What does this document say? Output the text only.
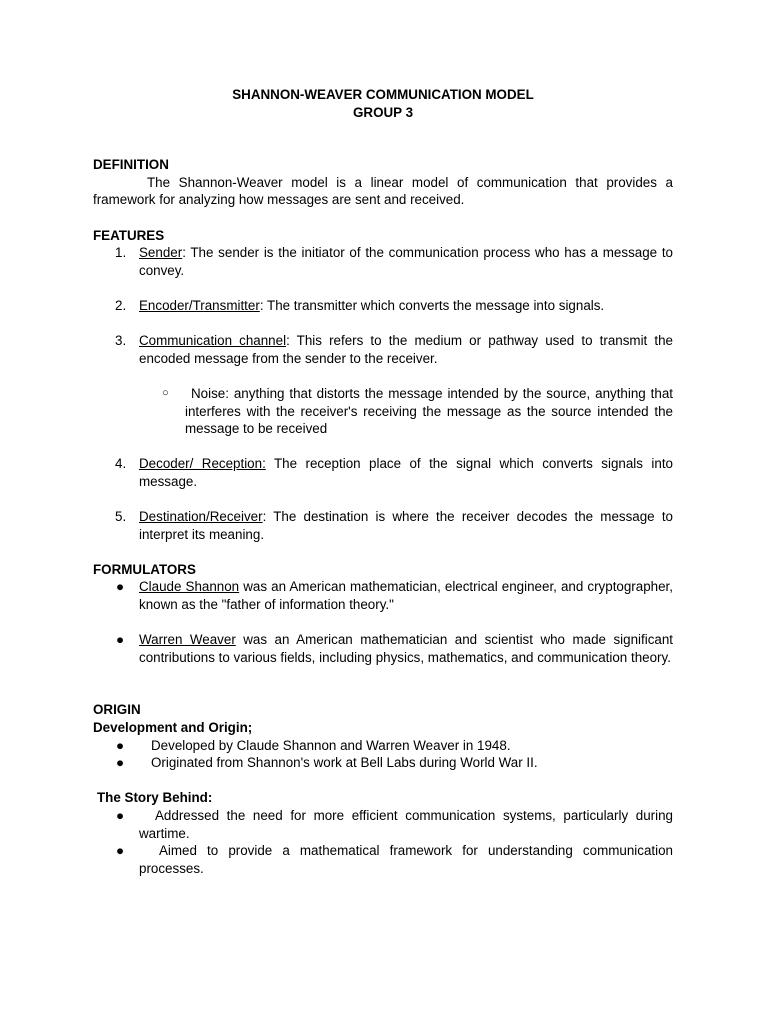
SHANNON-WEAVER COMMUNICATION MODEL
GROUP 3
DEFINITION
The Shannon-Weaver model is a linear model of communication that provides a framework for analyzing how messages are sent and received.
FEATURES
1. Sender: The sender is the initiator of the communication process who has a message to convey.
2. Encoder/Transmitter: The transmitter which converts the message into signals.
3. Communication channel: This refers to the medium or pathway used to transmit the encoded message from the sender to the receiver.
○ Noise: anything that distorts the message intended by the source, anything that interferes with the receiver's receiving the message as the source intended the message to be received
4. Decoder/ Reception: The reception place of the signal which converts signals into message.
5. Destination/Receiver: The destination is where the receiver decodes the message to interpret its meaning.
FORMULATORS
● Claude Shannon was an American mathematician, electrical engineer, and cryptographer, known as the "father of information theory."
● Warren Weaver was an American mathematician and scientist who made significant contributions to various fields, including physics, mathematics, and communication theory.
ORIGIN
Development and Origin;
● Developed by Claude Shannon and Warren Weaver in 1948.
● Originated from Shannon's work at Bell Labs during World War II.
The Story Behind:
● Addressed the need for more efficient communication systems, particularly during wartime.
●	Aimed to provide a mathematical framework for understanding communication processes.
